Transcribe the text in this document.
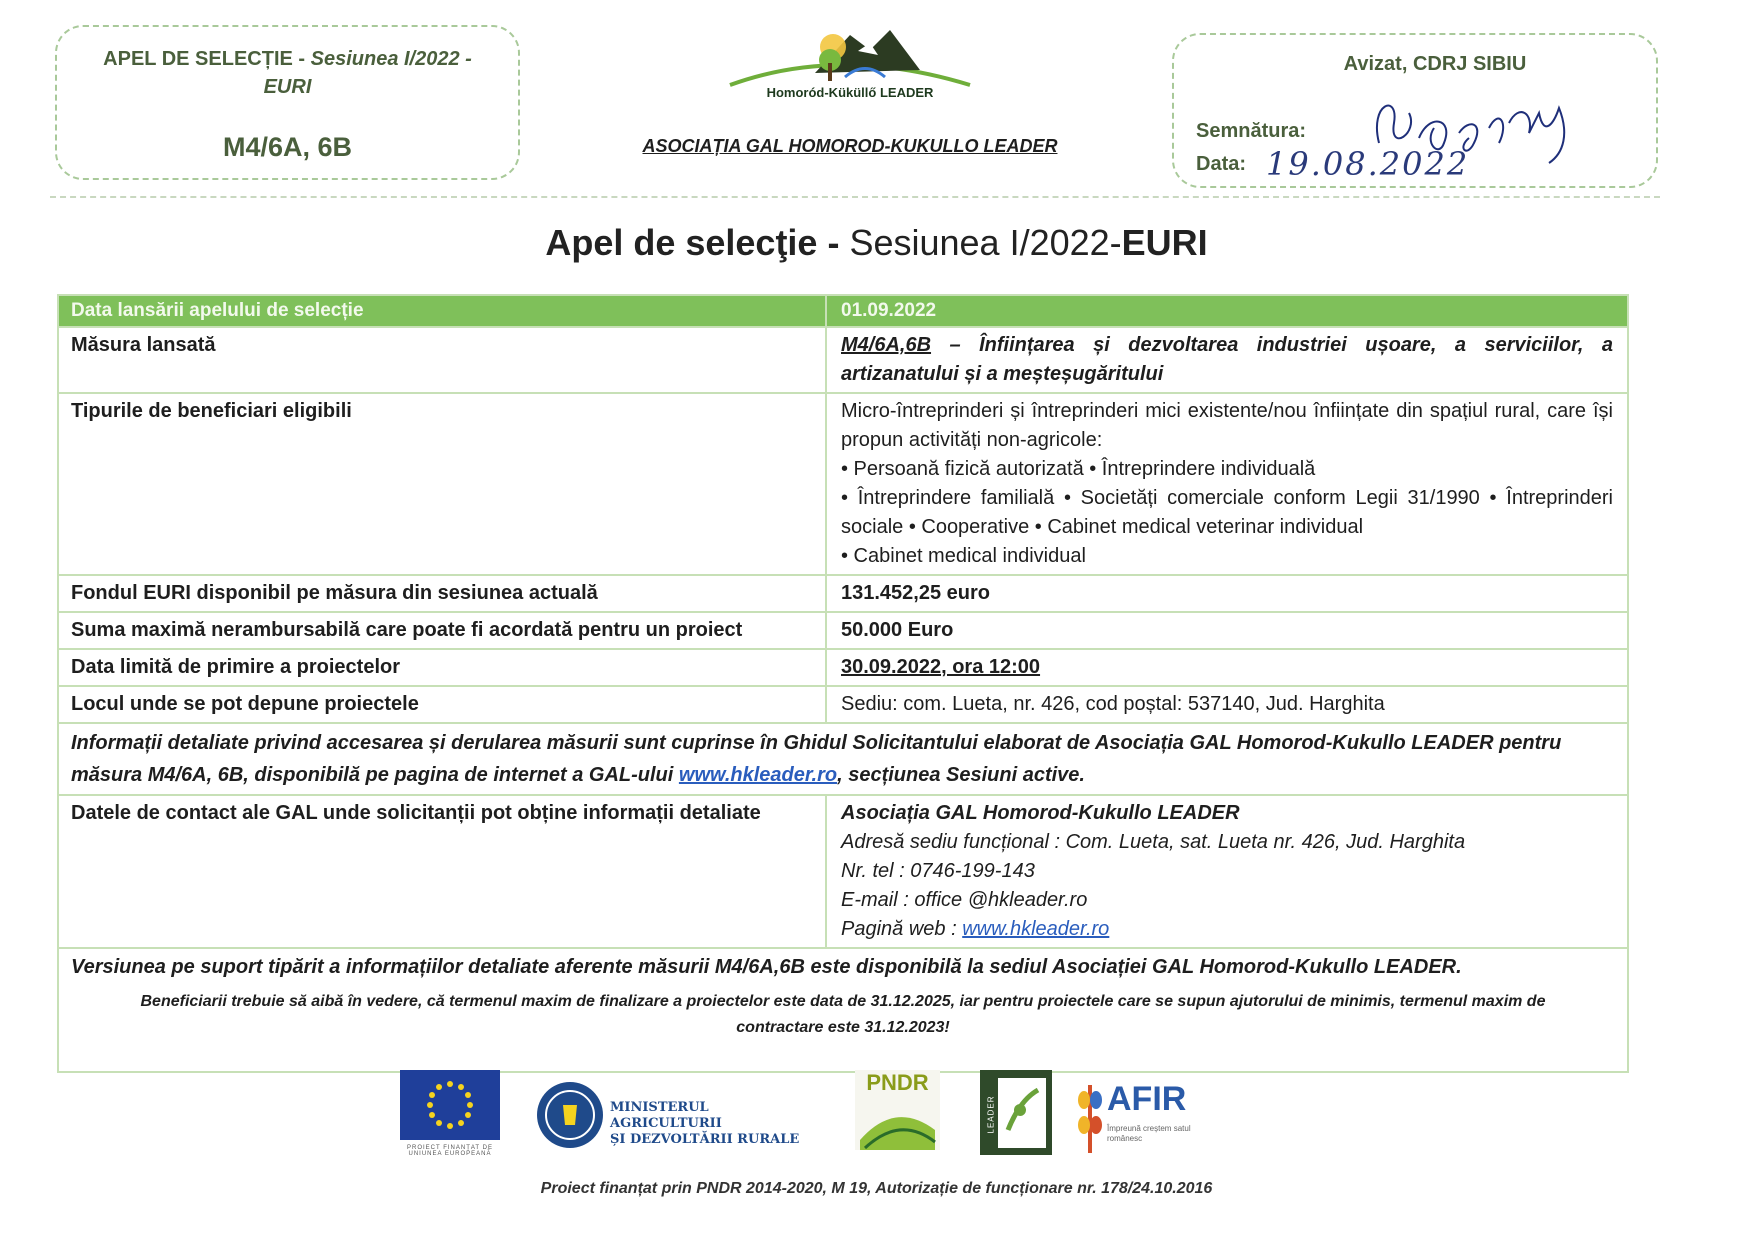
APEL DE SELECȚIE - Sesiunea I/2022 -
EURI
M4/6A, 6B
Homoród-Küküllő LEADER
ASOCIAȚIA GAL HOMOROD-KUKULLO LEADER
Avizat, CDRJ SIBIU
Semnătura:
Data: 19.08.2022
Apel de selecţie - Sesiunea I/2022-EURI
Data lansării apelului de selecție	01.09.2022
Măsura lansată	M4/6A,6B – Înființarea și dezvoltarea industriei ușoare, a serviciilor, a artizanatului și a meșteșugăritului
Tipurile de beneficiari eligibili	Micro-întreprinderi și întreprinderi mici existente/nou înființate din spațiul rural, care își propun activități non-agricole:
• Persoană fizică autorizată • Întreprindere individuală
• Întreprindere familială • Societăți comerciale conform Legii 31/1990 • Întreprinderi sociale • Cooperative • Cabinet medical veterinar individual
• Cabinet medical individual
Fondul EURI disponibil pe măsura din sesiunea actuală	131.452,25 euro
Suma maximă nerambursabilă care poate fi acordată pentru un proiect	50.000 Euro
Data limită de primire a proiectelor	30.09.2022, ora 12:00
Locul unde se pot depune proiectele	Sediu: com. Lueta, nr. 426, cod poștal: 537140, Jud. Harghita
Informații detaliate privind accesarea și derularea măsurii sunt cuprinse în Ghidul Solicitantului elaborat de Asociația GAL Homorod-Kukullo LEADER pentru măsura M4/6A, 6B, disponibilă pe pagina de internet a GAL-ului www.hkleader.ro, secțiunea Sesiuni active.
Datele de contact ale GAL unde solicitanții pot obține informații detaliate	Asociația GAL Homorod-Kukullo LEADER
Adresă sediu funcțional : Com. Lueta, sat. Lueta nr. 426, Jud. Harghita
Nr. tel : 0746-199-143
E-mail : office @hkleader.ro
Pagină web : www.hkleader.ro
Versiunea pe suport tipărit a informațiilor detaliate aferente măsurii M4/6A,6B este disponibilă la sediul Asociației GAL Homorod-Kukullo LEADER.
Beneficiarii trebuie să aibă în vedere, că termenul maxim de finalizare a proiectelor este data de 31.12.2025, iar pentru proiectele care se supun ajutorului de minimis, termenul maxim de contractare este 31.12.2023!
PROIECT FINANȚAT DE UNIUNEA EUROPEANĂ
MINISTERUL AGRICULTURII
ȘI DEZVOLTĂRII RURALE
PNDR
LEADER	AFIR
Împreună creștem satul românesc
Proiect finanțat prin PNDR 2014-2020, M 19, Autorizație de funcționare nr. 178/24.10.2016
